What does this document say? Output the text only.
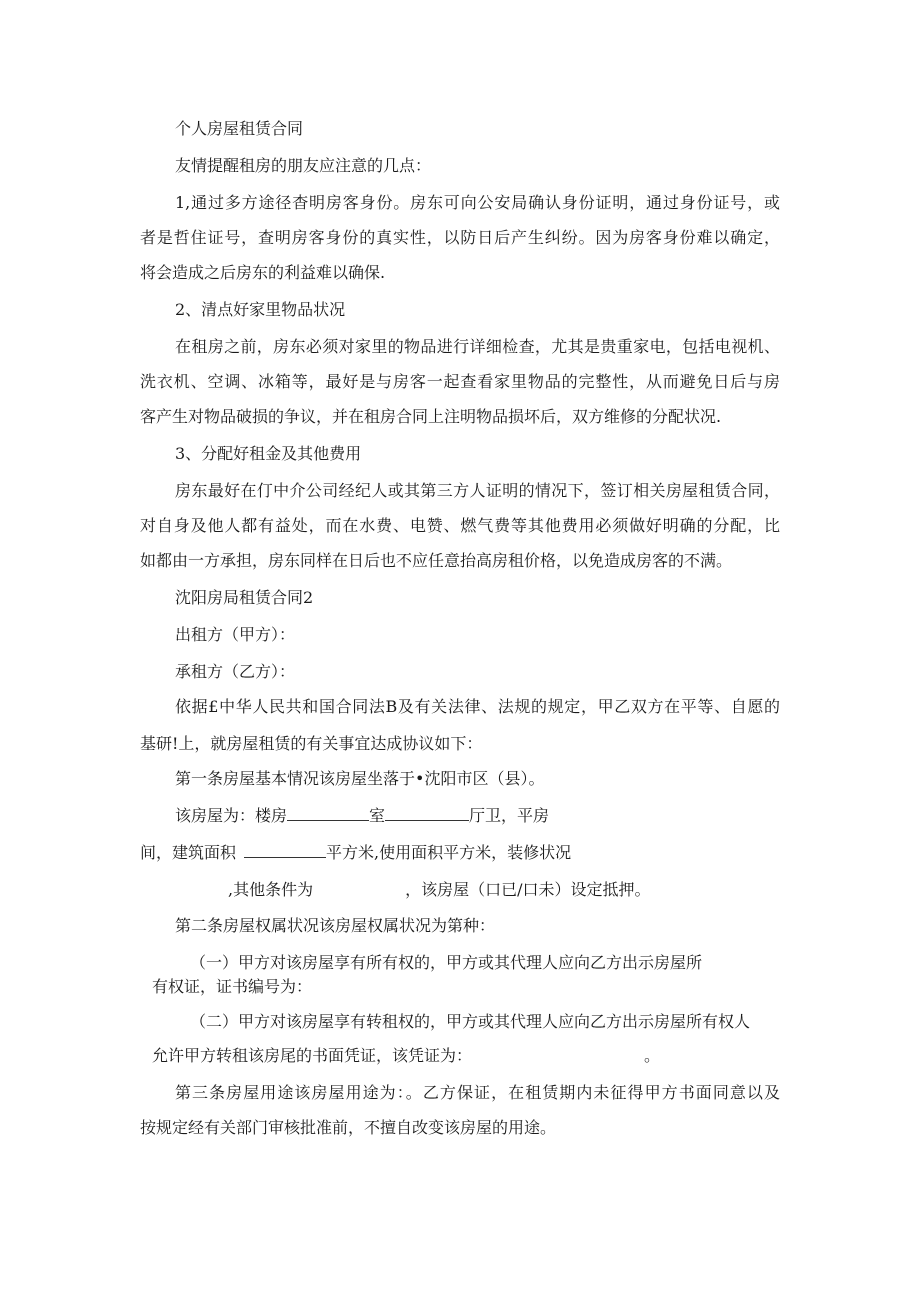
个人房屋租赁合同
友情提醒租房的朋友应注意的几点：
1,通过多方途径杳明房客身份。房东可向公安局确认身份证明，通过身份证号，或
者是哲住证号，查明房客身份的真实性，以防日后产生纠纷。因为房客身份难以确定，
将会造成之后房东的利益难以确保.
2、清点好家里物品状况
在租房之前，房东必须对家里的物品进行详细检查，尤其是贵重家电，包括电视机、
洗衣机、空调、冰箱等，最好是与房客一起查看家里物品的完整性，从而避免日后与房
客产生对物品破损的争议，并在租房合同上注明物品损坏后，双方维修的分配状况.
3、分配好租金及其他费用
房东最好在仃中介公司经纪人或其第三方人证明的情况下，签订相关房屋租赁合同，
对自身及他人都有益处，而在水费、电赞、燃气费等其他费用必须做好明确的分配，比
如都由一方承担，房东同样在日后也不应任意抬高房租价格，以免造成房客的不满。
沈阳房局租赁合同2
出租方（甲方）：
承租方（乙方）：
依据£中华人民共和国合同法B及有关法律、法规的规定，甲乙双方在平等、自愿的
基研!上，就房屋租赁的有关事宜达成协议如下：
第一条房屋基本情况该房屋坐落于•沈阳市区（县）。
该房屋为：楼房	室	厅卫，平房
间，建筑面积	平方米,使用面积平方米，装修状况
,其他条件为	，该房屋（口已/口未）设定抵押。
第二条房屋权属状况该房屋权属状况为第种：
（一）甲方对该房屋享有所有权的，甲方或其代理人应向乙方出示房屋所
有权证，证书编号为：
（二）甲方对该房屋享有转租权的，甲方或其代理人应向乙方出示房屋所有权人
允许甲方转租该房尾的书面凭证，该凭证为：	。
第三条房屋用途该房屋用途为：。乙方保证，在租赁期内未征得甲方书面同意以及
按规定经有关部门审核批准前，不擅自改变该房屋的用途。
